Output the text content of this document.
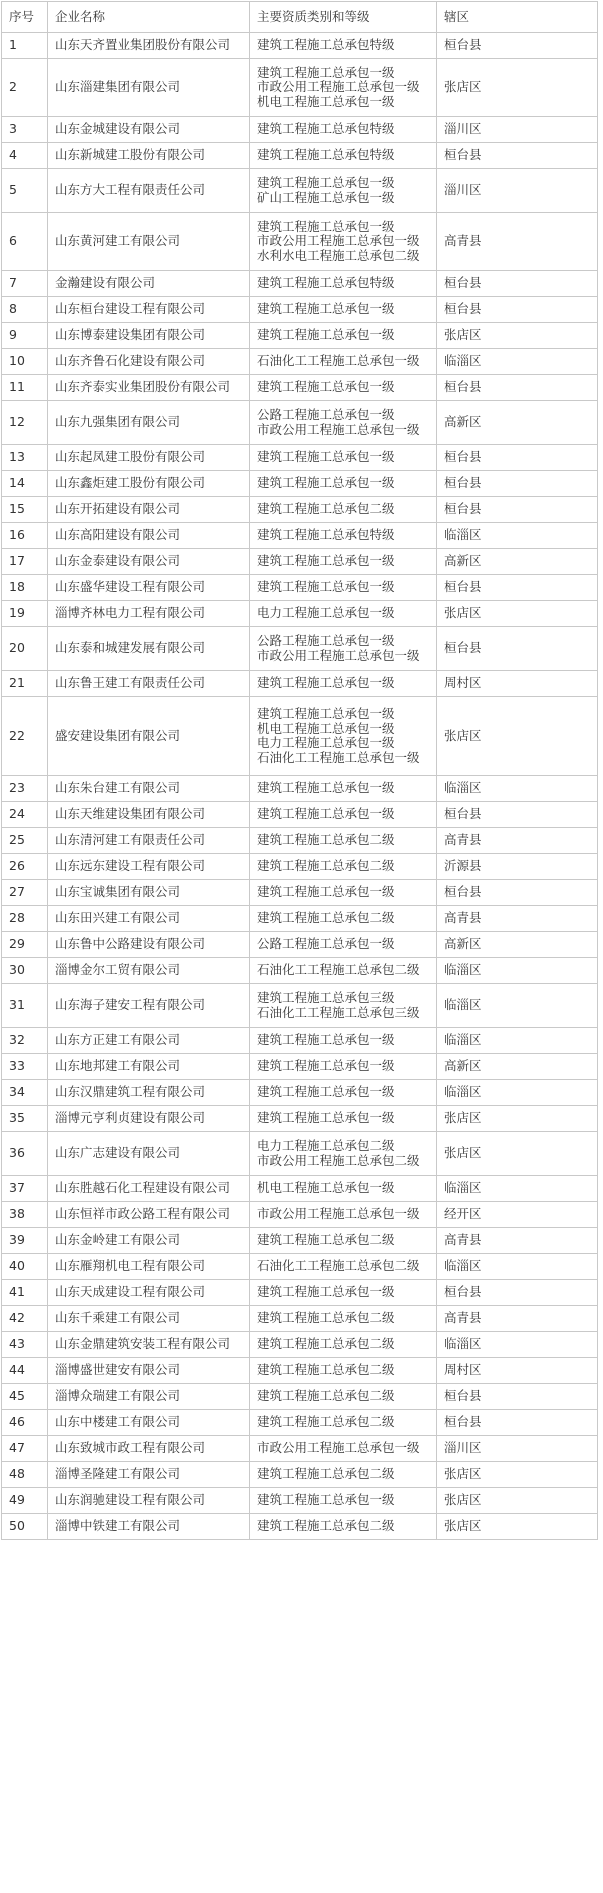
序号	企业名称	主要资质类别和等级	辖区
1	山东天齐置业集团股份有限公司	建筑工程施工总承包特级	桓台县
2	山东淄建集团有限公司	建筑工程施工总承包一级
市政公用工程施工总承包一级
机电工程施工总承包一级	张店区
3	山东金城建设有限公司	建筑工程施工总承包特级	淄川区
4	山东新城建工股份有限公司	建筑工程施工总承包特级	桓台县
5	山东方大工程有限责任公司	建筑工程施工总承包一级
矿山工程施工总承包一级	淄川区
6	山东黄河建工有限公司	建筑工程施工总承包一级
市政公用工程施工总承包一级
水利水电工程施工总承包二级	高青县
7	金瀚建设有限公司	建筑工程施工总承包特级	桓台县
8	山东桓台建设工程有限公司	建筑工程施工总承包一级	桓台县
9	山东博泰建设集团有限公司	建筑工程施工总承包一级	张店区
10	山东齐鲁石化建设有限公司	石油化工工程施工总承包一级	临淄区
11	山东齐泰实业集团股份有限公司	建筑工程施工总承包一级	桓台县
12	山东九强集团有限公司	公路工程施工总承包一级
市政公用工程施工总承包一级	高新区
13	山东起凤建工股份有限公司	建筑工程施工总承包一级	桓台县
14	山东鑫炬建工股份有限公司	建筑工程施工总承包一级	桓台县
15	山东开拓建设有限公司	建筑工程施工总承包二级	桓台县
16	山东高阳建设有限公司	建筑工程施工总承包特级	临淄区
17	山东金泰建设有限公司	建筑工程施工总承包一级	高新区
18	山东盛华建设工程有限公司	建筑工程施工总承包一级	桓台县
19	淄博齐林电力工程有限公司	电力工程施工总承包一级	张店区
20	山东泰和城建发展有限公司	公路工程施工总承包一级
市政公用工程施工总承包一级	桓台县
21	山东鲁王建工有限责任公司	建筑工程施工总承包一级	周村区
22	盛安建设集团有限公司	建筑工程施工总承包一级
机电工程施工总承包一级
电力工程施工总承包一级
石油化工工程施工总承包一级	张店区
23	山东朱台建工有限公司	建筑工程施工总承包一级	临淄区
24	山东天维建设集团有限公司	建筑工程施工总承包一级	桓台县
25	山东清河建工有限责任公司	建筑工程施工总承包二级	高青县
26	山东远东建设工程有限公司	建筑工程施工总承包二级	沂源县
27	山东宝诚集团有限公司	建筑工程施工总承包一级	桓台县
28	山东田兴建工有限公司	建筑工程施工总承包二级	高青县
29	山东鲁中公路建设有限公司	公路工程施工总承包一级	高新区
30	淄博金尔工贸有限公司	石油化工工程施工总承包二级	临淄区
31	山东海子建安工程有限公司	建筑工程施工总承包三级
石油化工工程施工总承包三级	临淄区
32	山东方正建工有限公司	建筑工程施工总承包一级	临淄区
33	山东地邦建工有限公司	建筑工程施工总承包一级	高新区
34	山东汉鼎建筑工程有限公司	建筑工程施工总承包一级	临淄区
35	淄博元亨利贞建设有限公司	建筑工程施工总承包一级	张店区
36	山东广志建设有限公司	电力工程施工总承包二级
市政公用工程施工总承包二级	张店区
37	山东胜越石化工程建设有限公司	机电工程施工总承包一级	临淄区
38	山东恒祥市政公路工程有限公司	市政公用工程施工总承包一级	经开区
39	山东金岭建工有限公司	建筑工程施工总承包二级	高青县
40	山东雁翔机电工程有限公司	石油化工工程施工总承包二级	临淄区
41	山东天成建设工程有限公司	建筑工程施工总承包一级	桓台县
42	山东千乘建工有限公司	建筑工程施工总承包二级	高青县
43	山东金鼎建筑安装工程有限公司	建筑工程施工总承包二级	临淄区
44	淄博盛世建安有限公司	建筑工程施工总承包二级	周村区
45	淄博众瑞建工有限公司	建筑工程施工总承包二级	桓台县
46	山东中楼建工有限公司	建筑工程施工总承包二级	桓台县
47	山东致城市政工程有限公司	市政公用工程施工总承包一级	淄川区
48	淄博圣隆建工有限公司	建筑工程施工总承包二级	张店区
49	山东润驰建设工程有限公司	建筑工程施工总承包一级	张店区
50	淄博中铁建工有限公司	建筑工程施工总承包二级	张店区
